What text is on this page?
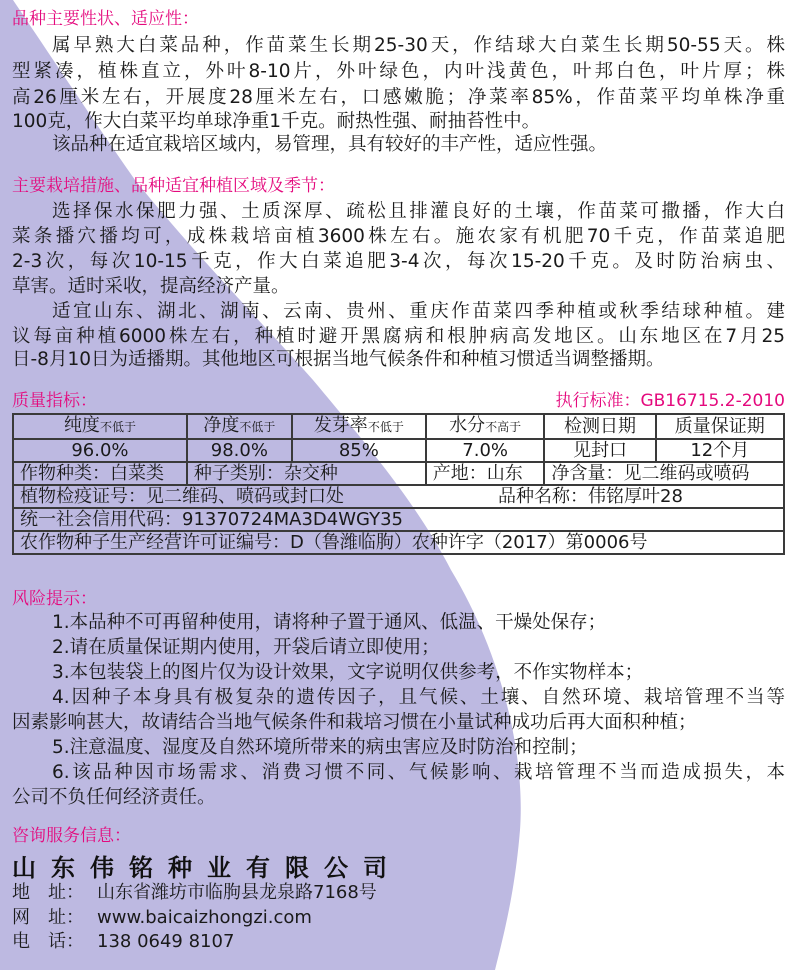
品种主要性状、适应性：
属早熟大白菜品种，作苗菜生长期25-30天，作结球大白菜生长期50-55天。株
型紧凑，植株直立，外叶8-10片，外叶绿色，内叶浅黄色，叶邦白色，叶片厚；株
高26厘米左右，开展度28厘米左右，口感嫩脆；净菜率85%，作苗菜平均单株净重
100克，作大白菜平均单球净重1千克。耐热性强、耐抽苔性中。
该品种在适宜栽培区域内，易管理，具有较好的丰产性，适应性强。
主要栽培措施、品种适宜种植区域及季节：
选择保水保肥力强、土质深厚、疏松且排灌良好的土壤，作苗菜可撒播，作大白
菜条播穴播均可，成株栽培亩植3600株左右。施农家有机肥70千克，作苗菜追肥
2-3次，每次10-15千克，作大白菜追肥3-4次，每次15-20千克。及时防治病虫、
草害。适时采收，提高经济产量。
适宜山东、湖北、湖南、云南、贵州、重庆作苗菜四季种植或秋季结球种植。建
议每亩种植6000株左右，种植时避开黑腐病和根肿病高发地区。山东地区在7月25
日-8月10日为适播期。其他地区可根据当地气候条件和种植习惯适当调整播期。
质量指标：	执行标准：GB16715.2-2010
纯度不低于	净度不低于	发芽率不低于	水分不高于	检测日期	质量保证期
96.0%	98.0%	85%	7.0%	见封口	12个月
作物种类：白菜类	种子类别：杂交种		产地：山东	净含量：见二维码或喷码	
植物检疫证号：见二维码、喷码或封口处 品种名称：伟铭厚叶28					

统一社会信用代码：91370724MA3D4WGY35					
农作物种子生产经营许可证编号：D（鲁潍临朐）农种许字（2017）第0006号					
风险提示：
1.本品种不可再留种使用，请将种子置于通风、低温、干燥处保存；
2.请在质量保证期内使用，开袋后请立即使用；
3.本包装袋上的图片仅为设计效果，文字说明仅供参考，不作实物样本；
4.因种子本身具有极复杂的遗传因子，且气候、土壤、自然环境、栽培管理不当等
因素影响甚大，故请结合当地气候条件和栽培习惯在小量试种成功后再大面积种植；
5.注意温度、湿度及自然环境所带来的病虫害应及时防治和控制；
6.该品种因市场需求、消费习惯不同、气候影响、栽培管理不当而造成损失，本
公司不负任何经济责任。
咨询服务信息：
山东伟铭种业有限公司
地　址： 山东省潍坊市临朐县龙泉路7168号
网　址： www.baicaizhongzi.com
电　话： 138 0649 8107
